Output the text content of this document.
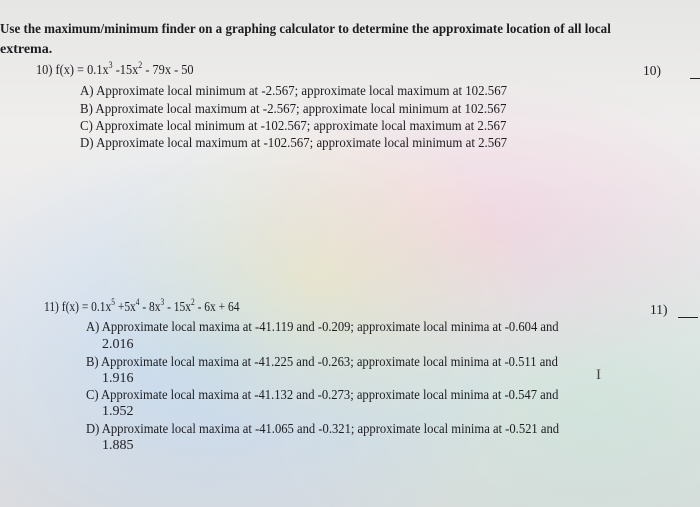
Use the maximum/minimum finder on a graphing calculator to determine the approximate location of all local
extrema.
10) $f(x) = 0.1x^3$ $-15x^2 - 79x - 50$	10)
A) Approximate local minimum at -2.567; approximate local maximum at 102.567
B) Approximate local maximum at -2.567; approximate local minimum at 102.567
C) Approximate local minimum at -102.567; approximate local maximum at 2.567
D) Approximate local maximum at -102.567; approximate local minimum at 2.567
11) $f(x) = 0.1x^5 +5x^4 - 8x^3 - 15x^2 - 6x + 64$	11)
A) Approximate local maxima at -41.119 and -0.209; approximate local minima at -0.604 and
2.016
B) Approximate local maxima at -41.225 and -0.263; approximate local minima at -0.511 and
1.916
C) Approximate local maxima at -41.132 and -0.273; approximate local minima at -0.547 and
1.952
D) Approximate local maxima at -41.065 and -0.321; approximate local minima at -0.521 and
1.885
I
